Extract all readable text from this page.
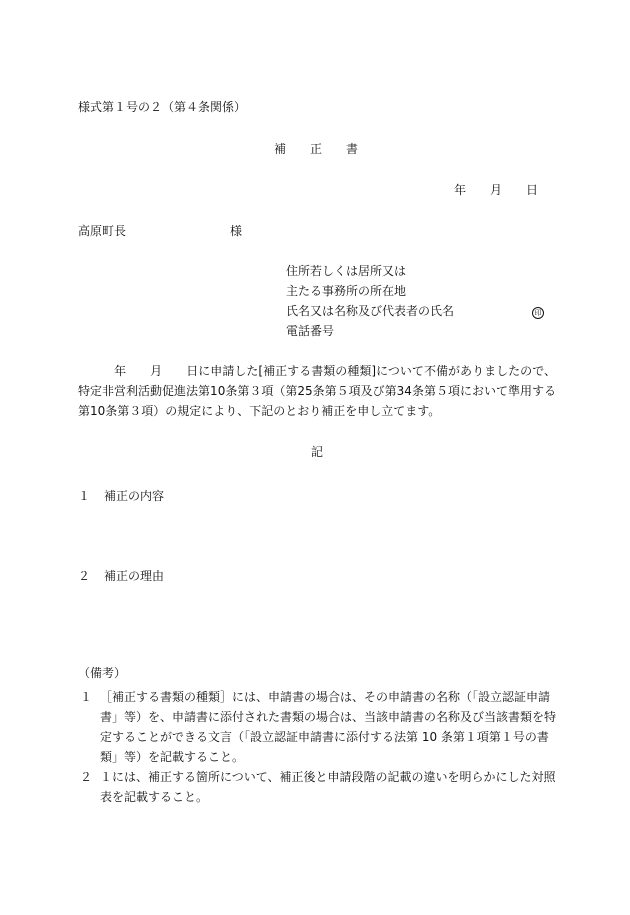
様式第１号の２（第４条関係）
補　　正　　書
年　　月　　日
高原町長	様
住所若しくは居所又は
主たる事務所の所在地
氏名又は名称及び代表者の氏名	印
電話番号
　　　年　　月　　日に申請した[補正する書類の種類]について不備がありましたので、特定非営利活動促進法第10条第３項（第25条第５項及び第34条第５項において準用する第10条第３項）の規定により、下記のとおり補正を申し立てます。
記
１ 補正の内容
２ 補正の理由
（備考）
１ ［補正する書類の種類］には、申請書の場合は、その申請書の名称（「設立認証申請書」等）を、申請書に添付された書類の場合は、当該申請書の名称及び当該書類を特定することができる文言（「設立認証申請書に添付する法第 10 条第１項第１号の書類」等）を記載すること。
２ １には、補正する箇所について、補正後と申請段階の記載の違いを明らかにした対照表を記載すること。
